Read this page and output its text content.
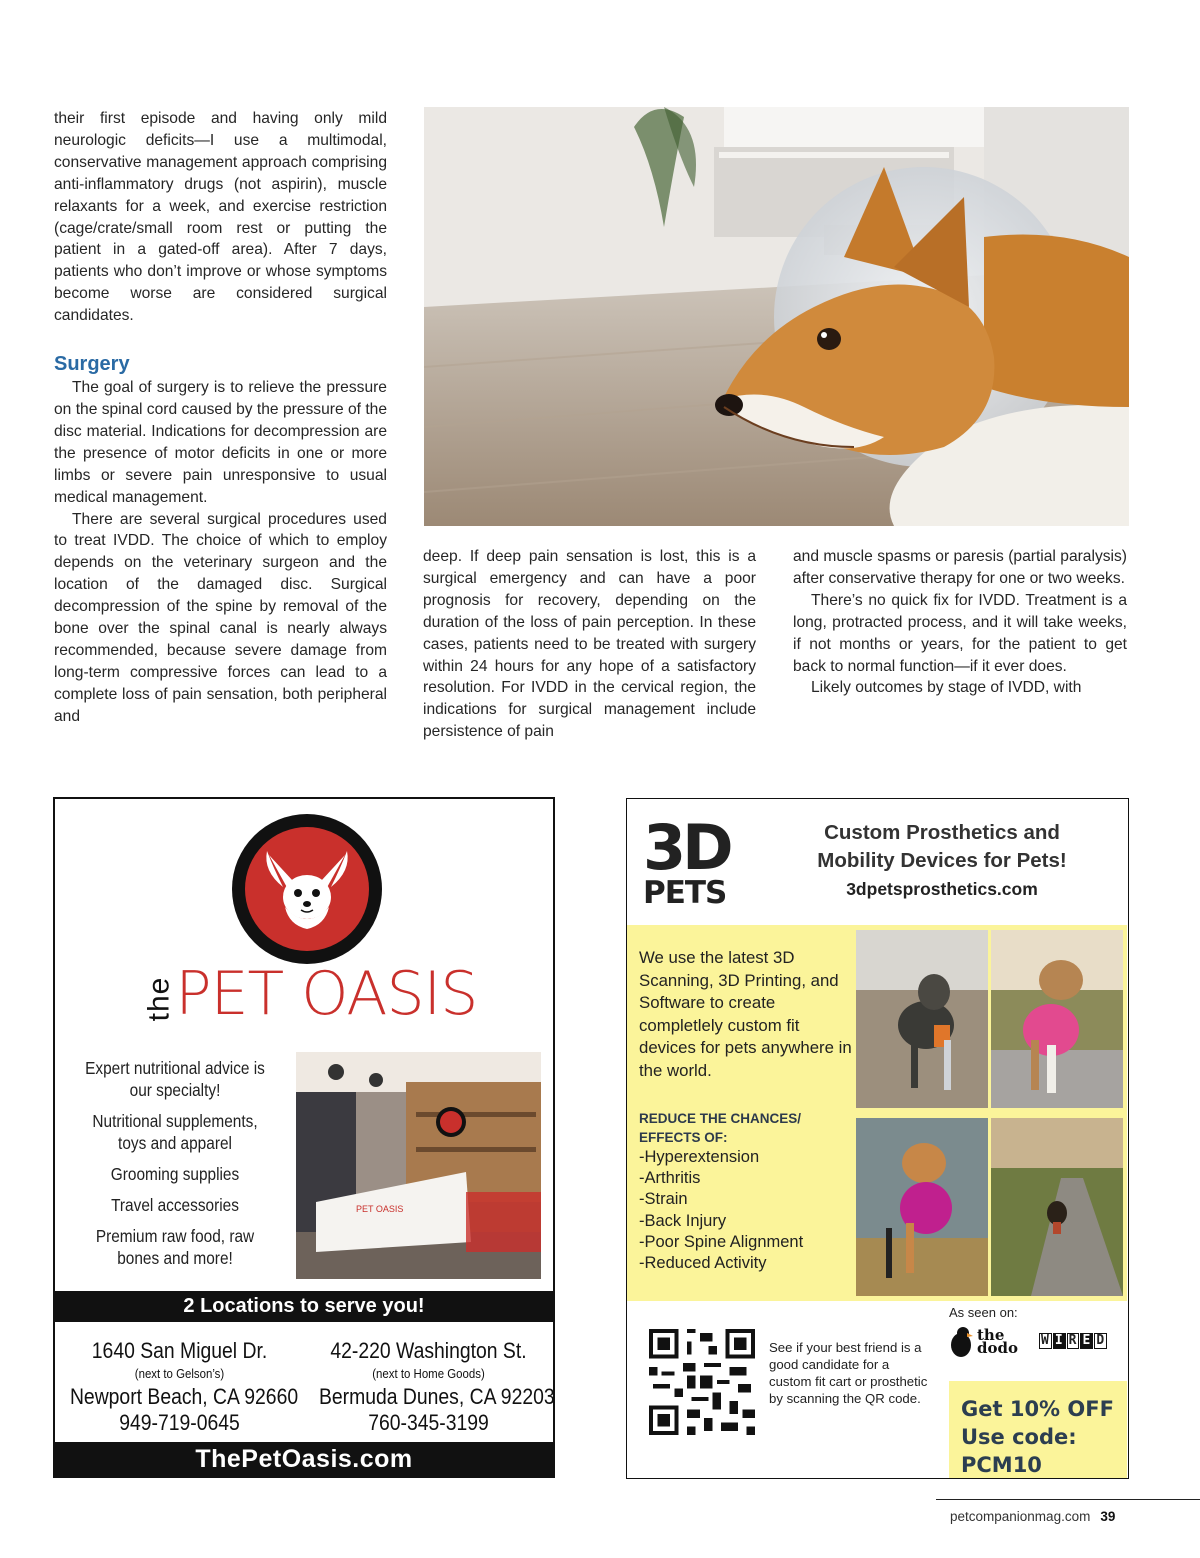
their first episode and having only mild neurologic deficits—I use a multimodal, conservative management approach comprising anti-inflammatory drugs (not aspirin), muscle relaxants for a week, and exercise restriction (cage/crate/small room rest or putting the patient in a gated-off area). After 7 days, patients who don’t improve or whose symptoms become worse are considered surgical candidates.

Surgery

The goal of surgery is to relieve the pressure on the spinal cord caused by the pressure of the disc material. Indications for decompression are the presence of motor deficits in one or more limbs or severe pain unresponsive to usual medical management.

There are several surgical procedures used to treat IVDD. The choice of which to employ depends on the veterinary surgeon and the location of the damaged disc. Surgical decompression of the spine by removal of the bone over the spinal canal is nearly always recommended, because severe damage from long-term compressive forces can lead to a complete loss of pain sensation, both peripheral and

deep. If deep pain sensation is lost, this is a surgical emergency and can have a poor prognosis for recovery, depending on the duration of the loss of pain perception. In these cases, patients need to be treated with surgery within 24 hours for any hope of a satisfactory resolution. For IVDD in the cervical region, the indications for surgical management include persistence of pain

and muscle spasms or paresis (partial paralysis) after conservative therapy for one or two weeks.

There’s no quick fix for IVDD. Treatment is a long, protracted process, and it will take weeks, if not months or years, for the patient to get back to normal function—if it ever does.

Likely outcomes by stage of IVDD, with

thePET OASIS
Expert nutritional advice is our specialty!
Nutritional supplements, toys and apparel
Grooming supplies
Travel accessories
Premium raw food, raw bones and more!
PET OASIS
2 Locations to serve you!
1640 San Miguel Dr.
(next to Gelson’s)
Newport Beach, CA 92660
949-719-0645
42-220 Washington St.
(next to Home Goods)
Bermuda Dunes, CA 92203
760-345-3199
ThePetOasis.com
3D
PETS
Custom Prosthetics and
Mobility Devices for Pets!
3dpetsprosthetics.com
We use the latest 3D Scanning, 3D Printing, and Software to create completlely custom fit devices for pets anywhere in the world.
REDUCE THE CHANCES/
EFFECTS OF:
-Hyperextension
-Arthritis
-Strain
-Back Injury
-Poor Spine Alignment
-Reduced Activity
As seen on:
the
dodo W I R E D
See if your best friend is a good candidate for a custom fit cart or prosthetic by scanning the QR code.	Get 10% OFF
Use code:
PCM10
petcompanionmag.com 39
